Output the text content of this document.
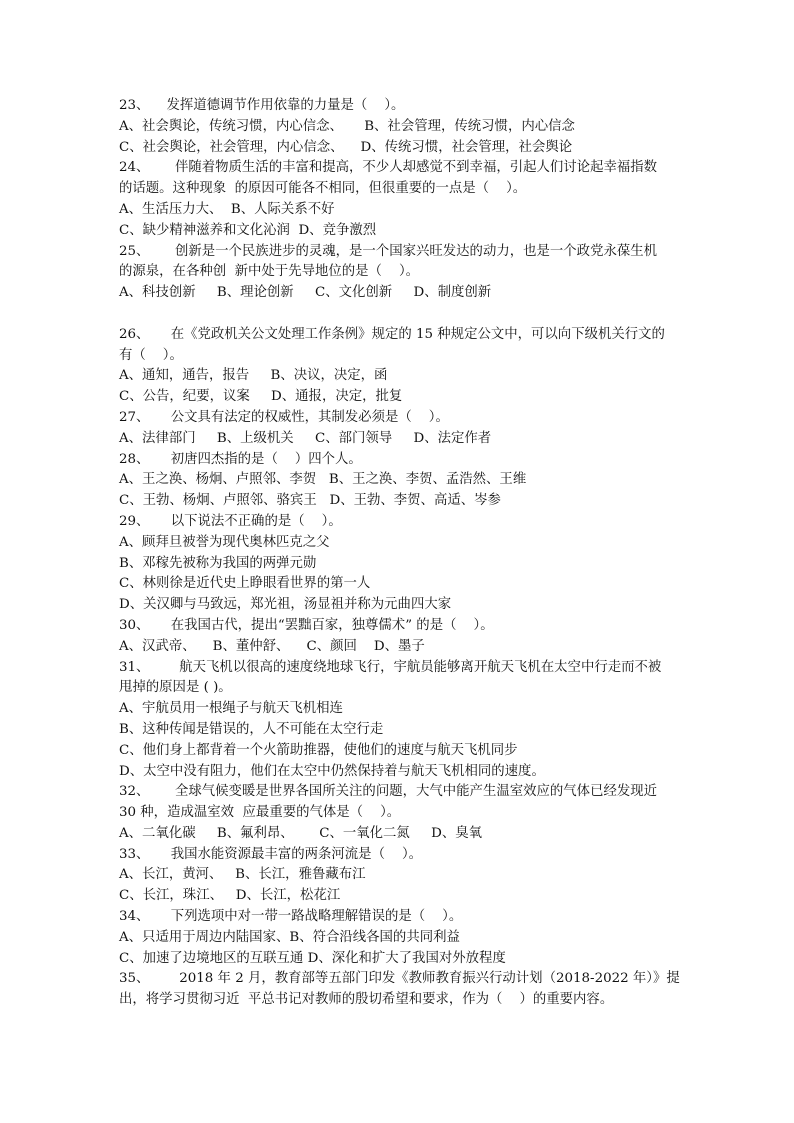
23、    发挥道德调节作用依靠的力量是（    ）。
A、社会舆论，传统习惯，内心信念、     B、社会管理，传统习惯，内心信念
C、社会舆论，社会管理，内心信念、    D、传统习惯，社会管理，社会舆论
24、      伴随着物质生活的丰富和提高，不少人却感觉不到幸福，引起人们讨论起幸福指数
的话题。这种现象  的原因可能各不相同，但很重要的一点是（    ）。
A、生活压力大、  B、人际关系不好
C、缺少精神滋养和文化沁润  D、竞争激烈
25、      创新是一个民族进步的灵魂，是一个国家兴旺发达的动力，也是一个政党永葆生机
的源泉，在各种创  新中处于先导地位的是（    ）。
A、科技创新     B、理论创新     C、文化创新     D、制度创新
26、     在《党政机关公文处理工作条例》规定的 15 种规定公文中，可以向下级机关行文的
有（    ）。
A、通知，通告，报告     B、决议，决定，函
C、公告，纪要，议案     D、通报，决定，批复
27、     公文具有法定的权威性，其制发必须是（    ）。
A、法律部门     B、上级机关     C、部门领导     D、法定作者
28、     初唐四杰指的是（    ）四个人。
A、王之涣、杨炯、卢照邻、李贺   B、王之涣、李贺、孟浩然、王维
C、王勃、杨炯、卢照邻、骆宾王   D、王勃、李贺、高适、岑参
29、     以下说法不正确的是（    ）。
A、顾拜旦被誉为现代奥林匹克之父
B、邓稼先被称为我国的两弹元勋
C、林则徐是近代史上睁眼看世界的第一人
D、关汉卿与马致远，郑光祖，汤显祖并称为元曲四大家
30、     在我国古代，提出“罢黜百家，独尊儒术” 的是（    ）。
A、汉武帝、    B、董仲舒、    C、颜回    D、墨子
31、       航天飞机以很高的速度绕地球飞行，宇航员能够离开航天飞机在太空中行走而不被
甩掉的原因是 ( )。
A、宇航员用一根绳子与航天飞机相连
B、这种传闻是错误的，人不可能在太空行走
C、他们身上都背着一个火箭助推器，使他们的速度与航天飞机同步
D、太空中没有阻力，他们在太空中仍然保持着与航天飞机相同的速度。
32、      全球气候变暖是世界各国所关注的问题，大气中能产生温室效应的气体已经发现近
30 种，造成温室效  应最重要的气体是（    ）。
A、二氧化碳     B、氟利昂、      C、一氧化二氮     D、臭氧
33、     我国水能资源最丰富的两条河流是（    ）。
A、长江，黄河、   B、长江，雅鲁藏布江
C、长江，珠江、   D、长江，松花江
34、     下列选项中对一带一路战略理解错误的是（    ）。
A、只适用于周边内陆国家、B、符合沿线各国的共同利益
C、加速了边境地区的互联互通 D、深化和扩大了我国对外放程度
35、       2018 年 2 月，教育部等五部门印发《教师教育振兴行动计划（2018-2022 年）》提
出，将学习贯彻习近  平总书记对教师的殷切希望和要求，作为（    ）的重要内容。
